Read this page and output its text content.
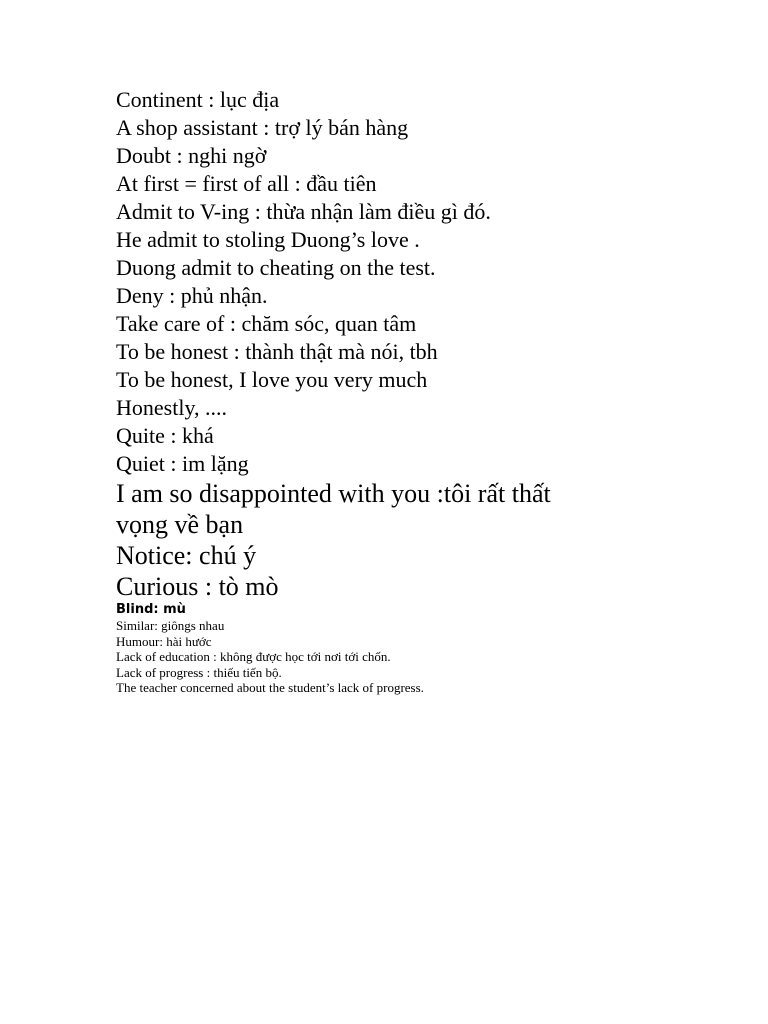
Continent : lục địa

A shop assistant : trợ lý bán hàng

Doubt : nghi ngờ

At first = first of all : đầu tiên

Admit to V-ing : thừa nhận làm điều gì đó.

He admit to stoling Duong’s love .

Duong admit to cheating on the test.

Deny : phủ nhận.

Take care of : chăm sóc, quan tâm

To be honest : thành thật mà nói, tbh

To be honest, I love you very much

Honestly, ....

Quite : khá

Quiet : im lặng

I am so disappointed with you :tôi rất thất vọng về bạn

Notice: chú ý

Curious : tò mò

Blind: mù

Similar: giôngs nhau

Humour: hài hước

Lack of education : không được học tới nơi tới chốn.

Lack of progress : thiếu tiến bộ.

The teacher concerned about the student’s lack of progress.
